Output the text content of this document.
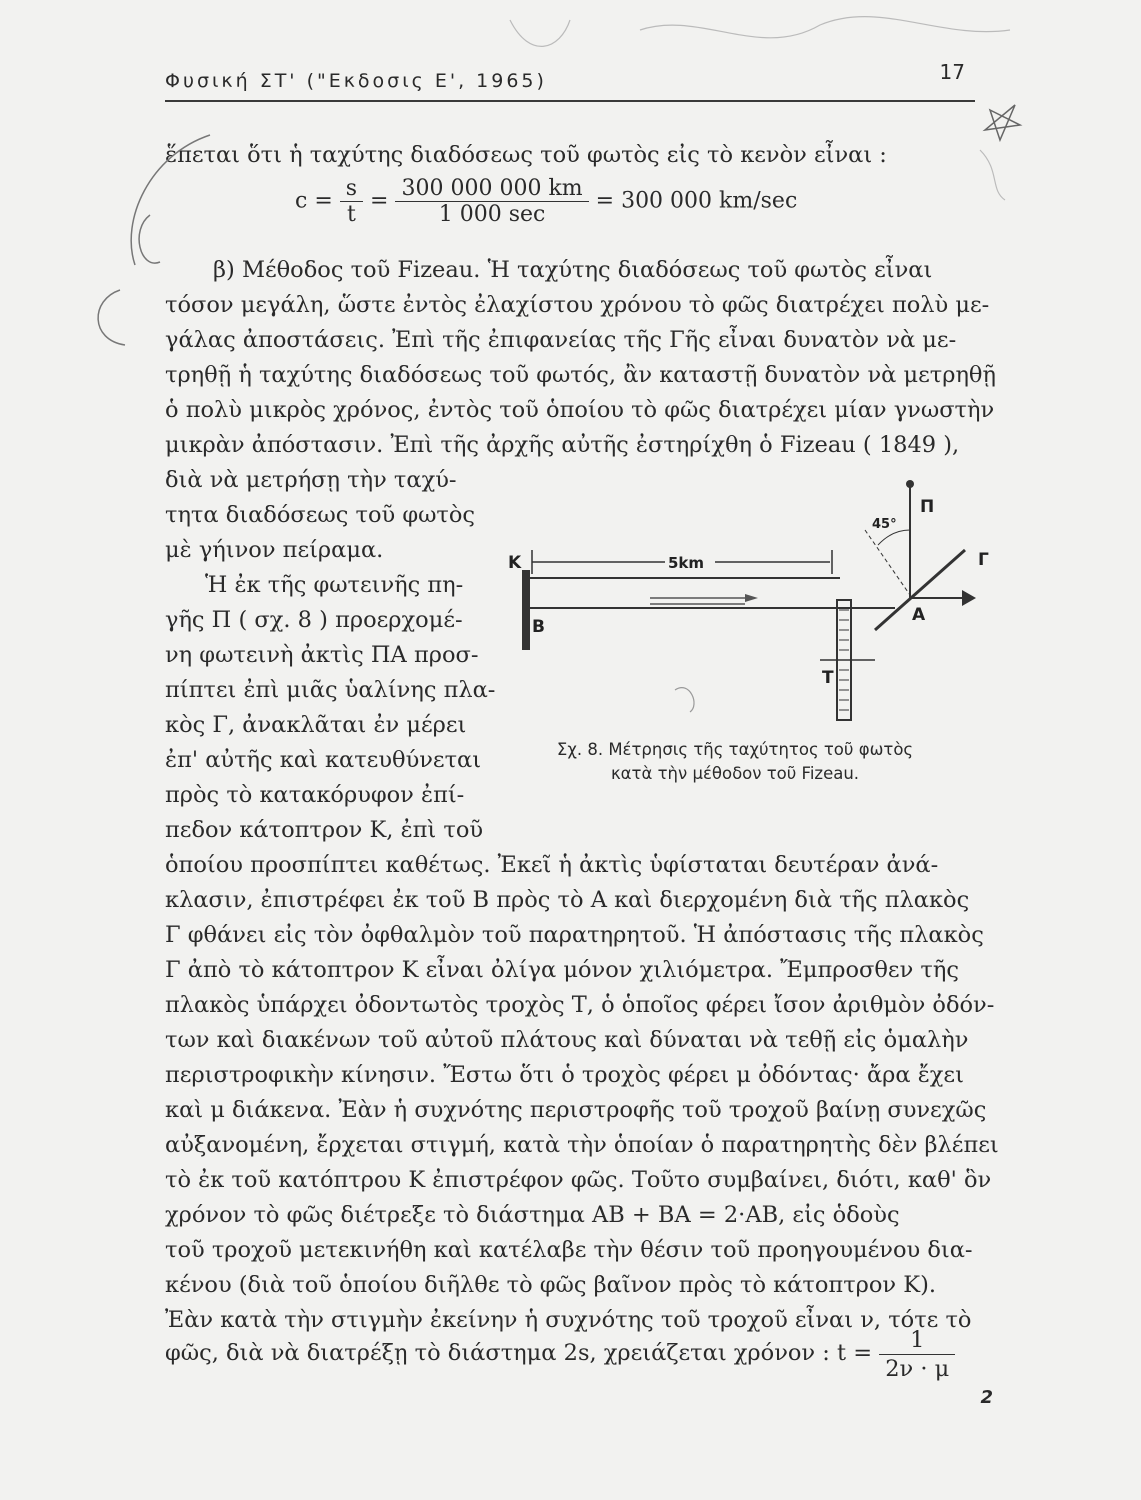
Φυσική ΣΤ' ("Εκδοσις Ε', 1965)	17
ἕπεται ὅτι ἡ ταχύτης διαδόσεως τοῦ φωτὸς εἰς τὸ κενὸν εἶναι :
$c = \frac{s}{t} = \frac{300 000 000 km}{1 000 \sec} = 300$ 000 km/sec
β) Μέθοδος τοῦ Fizeau. Ἡ ταχύτης διαδόσεως τοῦ φωτὸς εἶναι
τόσον μεγάλη, ὥστε ἐντὸς ἐλαχίστου χρόνου τὸ φῶς διατρέχει πολὺ με-
γάλας ἀποστάσεις. Ἐπὶ τῆς ἐπιφανείας τῆς Γῆς εἶναι δυνατὸν νὰ με-
τρηθῇ ἡ ταχύτης διαδόσεως τοῦ φωτός, ἂν καταστῇ δυνατὸν νὰ μετρηθῇ
ὁ πολὺ μικρὸς χρόνος, ἐντὸς τοῦ ὁποίου τὸ φῶς διατρέχει μίαν γνωστὴν
μικρὰν ἀπόστασιν. Ἐπὶ τῆς ἀρχῆς αὐτῆς ἐστηρίχθη ὁ Fizeau ( 1849 ),
διὰ νὰ μετρήσῃ τὴν ταχύ-
τητα διαδόσεως τοῦ φωτὸς
μὲ γήινον πείραμα.
Ἡ ἐκ τῆς φωτεινῆς πη-
γῆς Π ( σχ. 8 ) προερχομέ-
νη φωτεινὴ ἀκτὶς ΠΑ προσ-
πίπτει ἐπὶ μιᾶς ὑαλίνης πλα-
κὸς Γ, ἀνακλᾶται ἐν μέρει
ἐπ' αὐτῆς καὶ κατευθύνεται
πρὸς τὸ κατακόρυφον ἐπί-
πεδον κάτοπτρον Κ, ἐπὶ τοῦ
5km
Κ
Β
Α
Π
Γ
Τ
45°
Σχ. 8. Μέτρησις τῆς ταχύτητος τοῦ φωτὸς
κατὰ τὴν μέθοδον τοῦ Fizeau.
ὁποίου προσπίπτει καθέτως. Ἐκεῖ ἡ ἀκτὶς ὑφίσταται δευτέραν ἀνά-
κλασιν, ἐπιστρέφει ἐκ τοῦ Β πρὸς τὸ Α καὶ διερχομένη διὰ τῆς πλακὸς
Γ φθάνει εἰς τὸν ὀφθαλμὸν τοῦ παρατηρητοῦ. Ἡ ἀπόστασις τῆς πλακὸς
Γ ἀπὸ τὸ κάτοπτρον Κ εἶναι ὀλίγα μόνον χιλιόμετρα. Ἔμπροσθεν τῆς
πλακὸς ὑπάρχει ὀδοντωτὸς τροχὸς Τ, ὁ ὁποῖος φέρει ἴσον ἀριθμὸν ὀδόν-
των καὶ διακένων τοῦ αὐτοῦ πλάτους καὶ δύναται νὰ τεθῇ εἰς ὁμαλὴν
περιστροφικὴν κίνησιν. Ἔστω ὅτι ὁ τροχὸς φέρει μ ὀδόντας· ἄρα ἔχει
καὶ μ διάκενα. Ἐὰν ἡ συχνότης περιστροφῆς τοῦ τροχοῦ βαίνῃ συνεχῶς
αὐξανομένη, ἔρχεται στιγμή, κατὰ τὴν ὁποίαν ὁ παρατηρητὴς δὲν βλέπει
τὸ ἐκ τοῦ κατόπτρου Κ ἐπιστρέφον φῶς. Τοῦτο συμβαίνει, διότι, καθ' ὃν
χρόνον τὸ φῶς διέτρεξε τὸ διάστημα ΑΒ + ΒΑ = 2·ΑΒ, εἰς ὁδοὺς
τοῦ τροχοῦ μετεκινήθη καὶ κατέλαβε τὴν θέσιν τοῦ προηγουμένου δια-
κένου (διὰ τοῦ ὁποίου διῆλθε τὸ φῶς βαῖνον πρὸς τὸ κάτοπτρον Κ).
Ἐὰν κατὰ τὴν στιγμὴν ἐκείνην ἡ συχνότης τοῦ τροχοῦ εἶναι ν, τότε τὸ
φῶς, διὰ νὰ διατρέξῃ τὸ διάστημα 2s, χρειάζεται χρόνον : $t = \frac{1}{2\nu \cdot \mu}$
2
